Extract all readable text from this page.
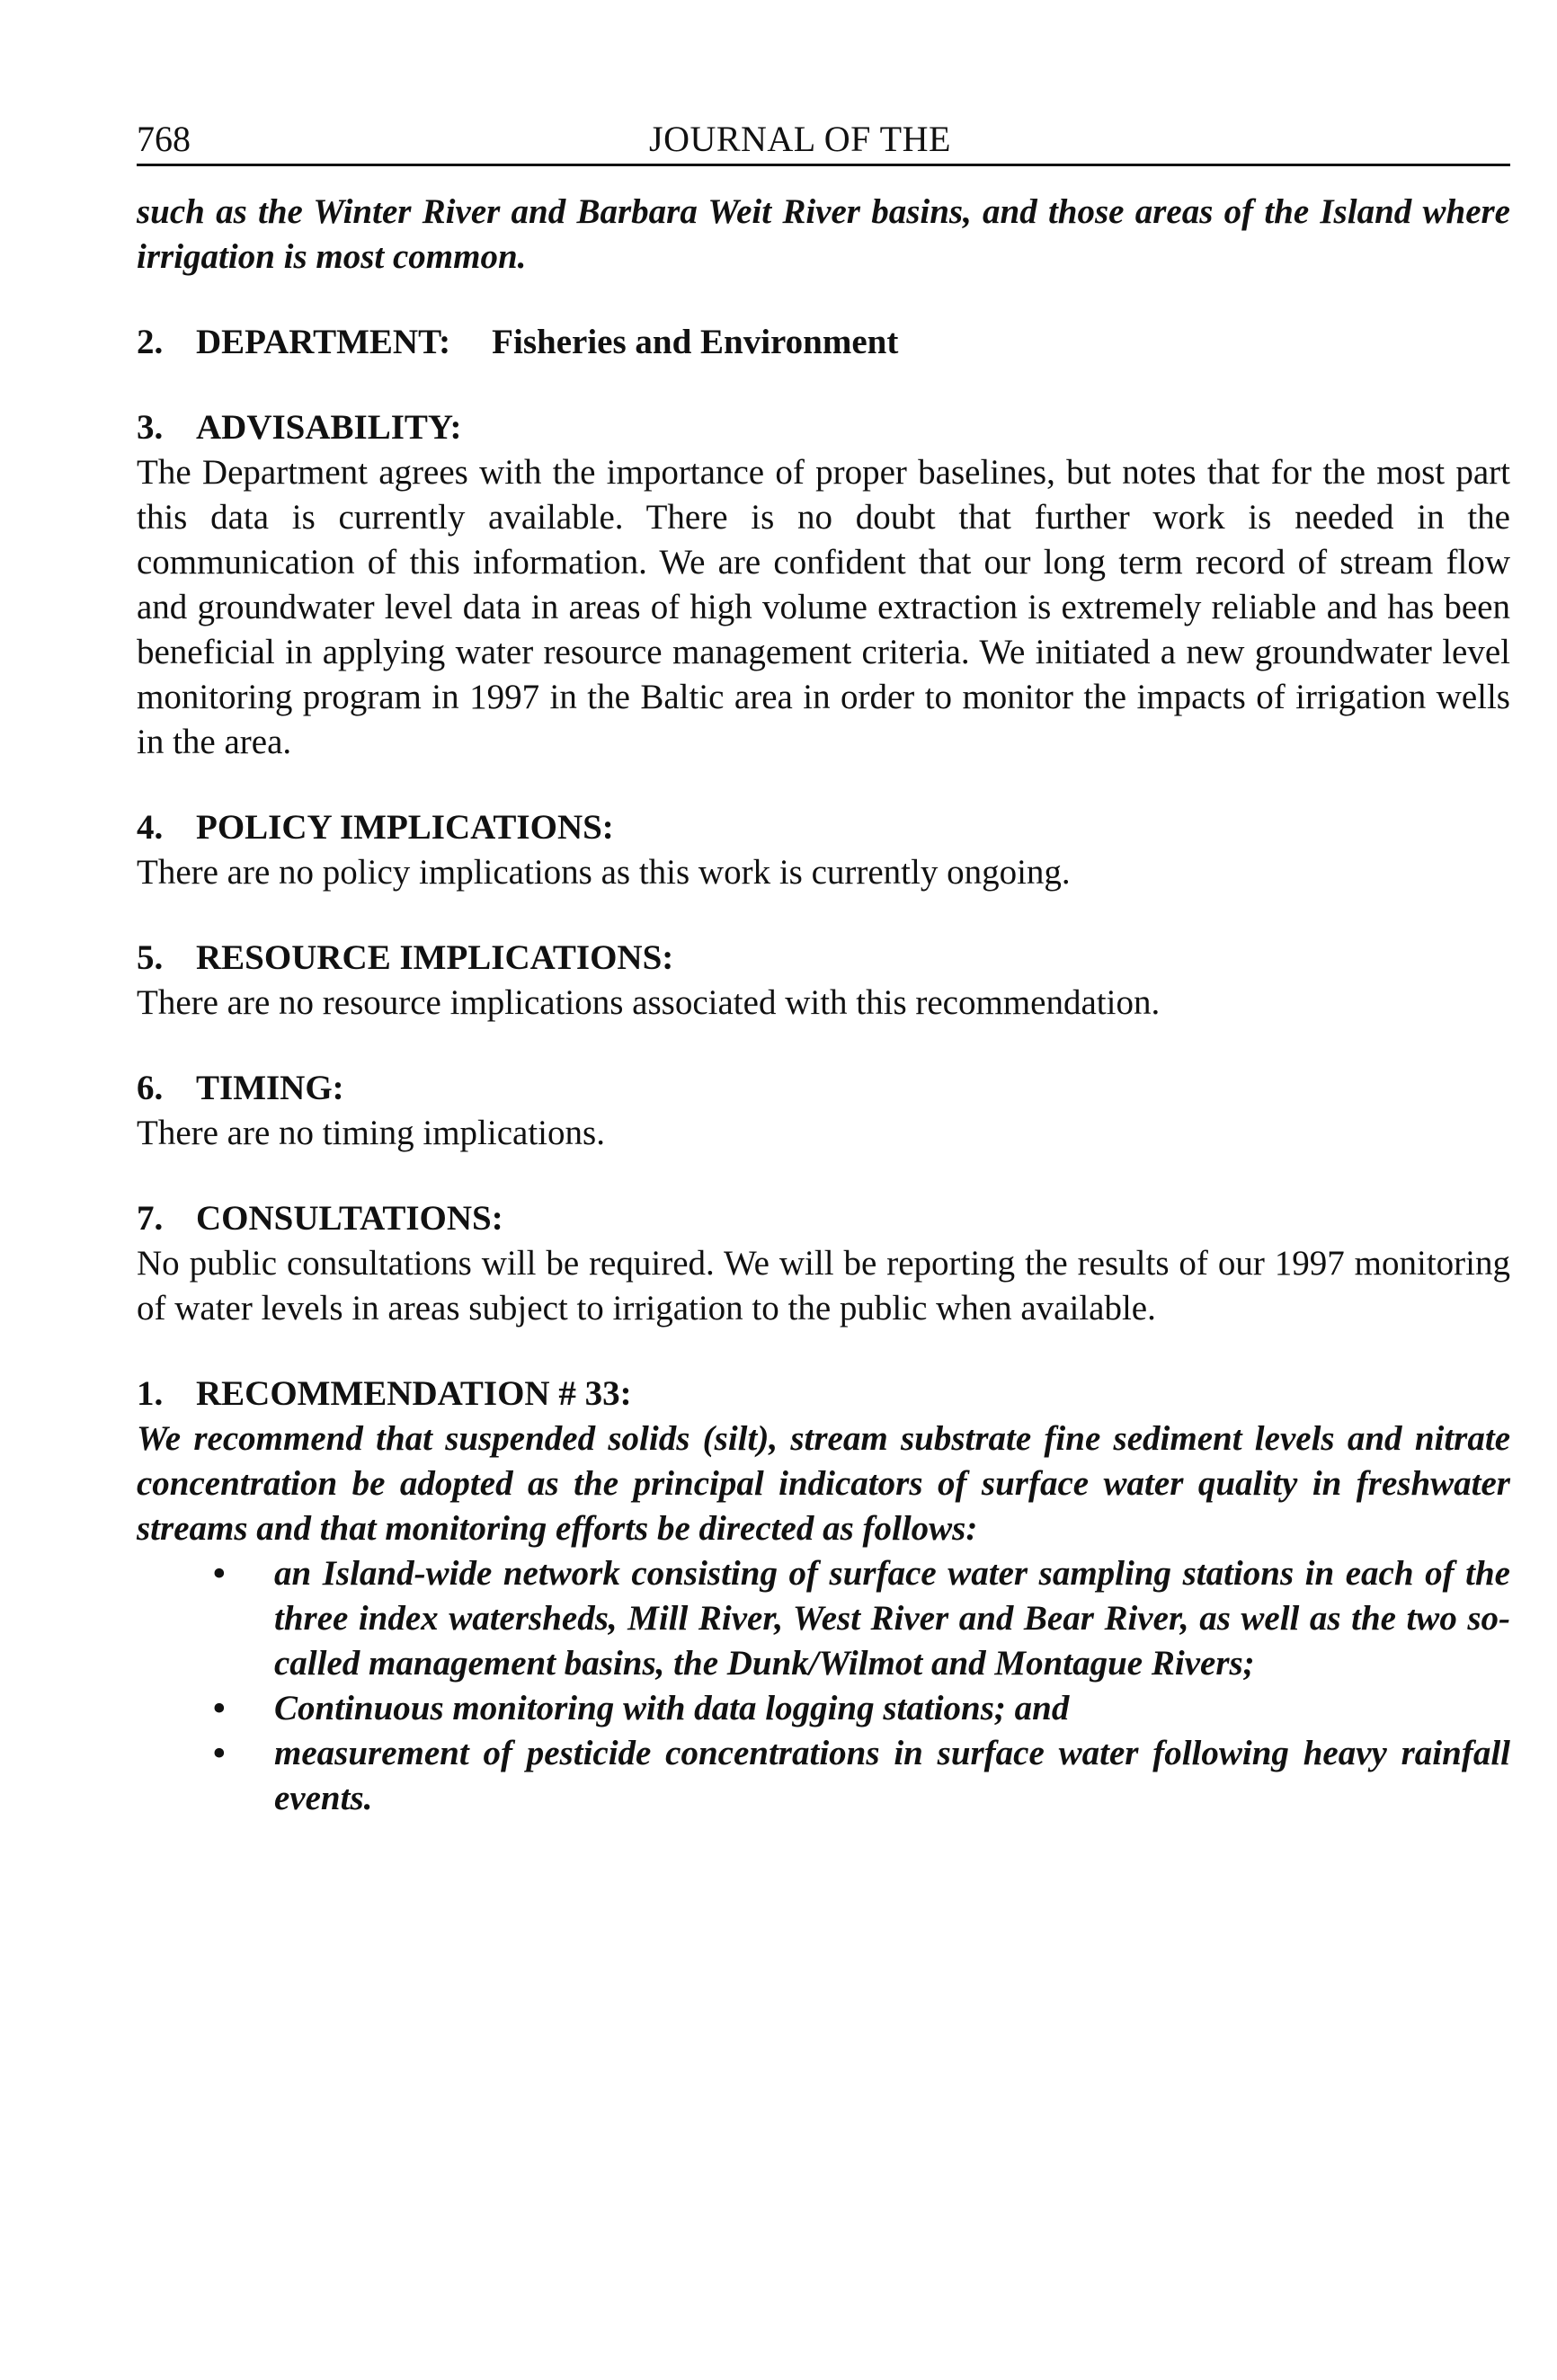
768	JOURNAL OF THE

such as the Winter River and Barbara Weit River basins, and those areas of the Island where irrigation is most common.

2. DEPARTMENT: Fisheries and Environment

3. ADVISABILITY:

The Department agrees with the importance of proper baselines, but notes that for the most part this data is currently available. There is no doubt that further work is needed in the communication of this information. We are confident that our long term record of stream flow and groundwater level data in areas of high volume extraction is extremely reliable and has been beneficial in applying water resource management criteria. We initiated a new groundwater level monitoring program in 1997 in the Baltic area in order to monitor the impacts of irrigation wells in the area.

4. POLICY IMPLICATIONS:

There are no policy implications as this work is currently ongoing.

5. RESOURCE IMPLICATIONS:

There are no resource implications associated with this recommendation.

6. TIMING:

There are no timing implications.

7. CONSULTATIONS:

No public consultations will be required. We will be reporting the results of our 1997 monitoring of water levels in areas subject to irrigation to the public when available.

1. RECOMMENDATION # 33:

We recommend that suspended solids (silt), stream substrate fine sediment levels and nitrate concentration be adopted as the principal indicators of surface water quality in freshwater streams and that monitoring efforts be directed as follows:

• an Island-wide network consisting of surface water sampling stations in each of the three index watersheds, Mill River, West River and Bear River, as well as the two so-called management basins, the Dunk/Wilmot and Montague Rivers;
• Continuous monitoring with data logging stations; and
• measurement of pesticide concentrations in surface water following heavy rainfall events.
